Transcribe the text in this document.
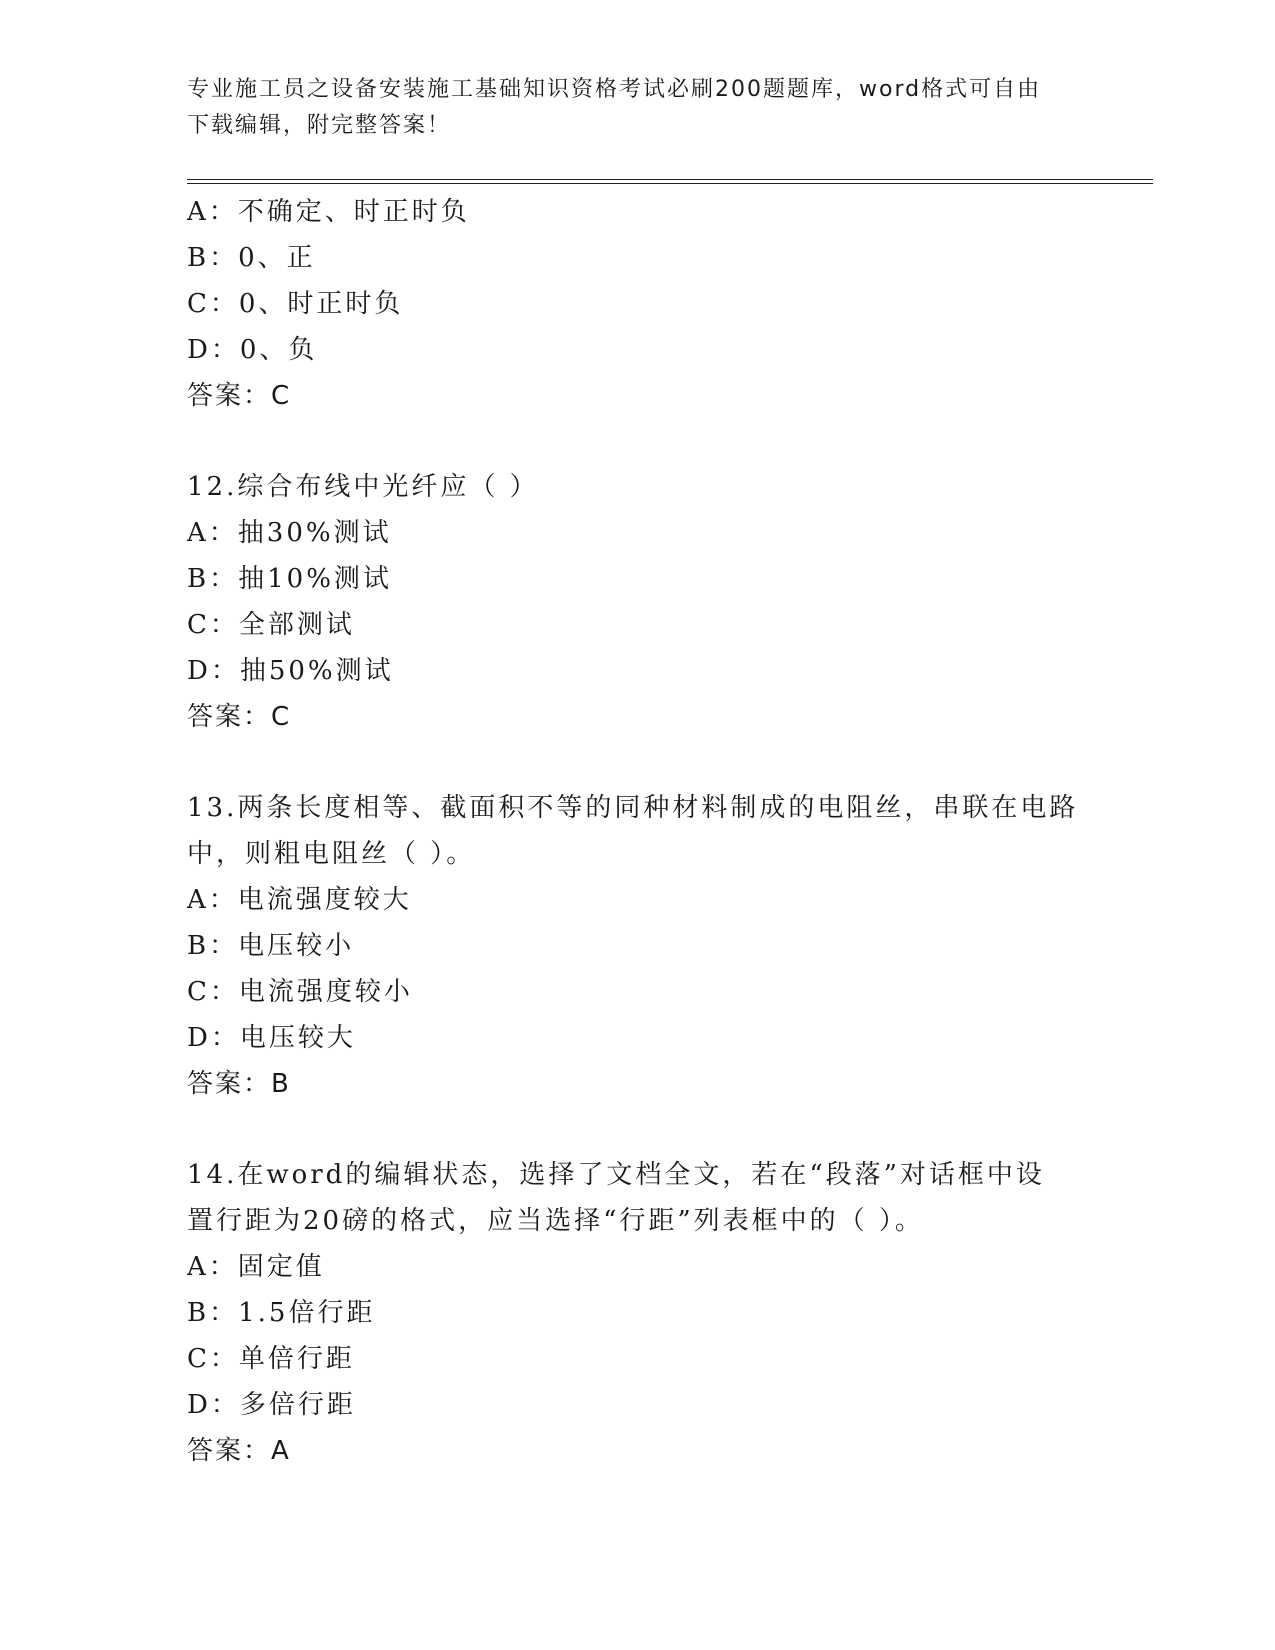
专业施工员之设备安装施工基础知识资格考试必刷200题题库，word格式可自由
下载编辑，附完整答案！
A：不确定、时正时负
B：0、正
C：0、时正时负
D：0、负
答案：C
12.综合布线中光纤应（ ）
A：抽30%测试
B：抽10%测试
C：全部测试
D：抽50%测试
答案：C
13.两条长度相等、截面积不等的同种材料制成的电阻丝，串联在电路
中，则粗电阻丝（ ）。
A：电流强度较大
B：电压较小
C：电流强度较小
D：电压较大
答案：B
14.在word的编辑状态，选择了文档全文，若在“段落”对话框中设
置行距为20磅的格式，应当选择“行距”列表框中的（ ）。
A：固定值
B：1.5倍行距
C：单倍行距
D：多倍行距
答案：A
